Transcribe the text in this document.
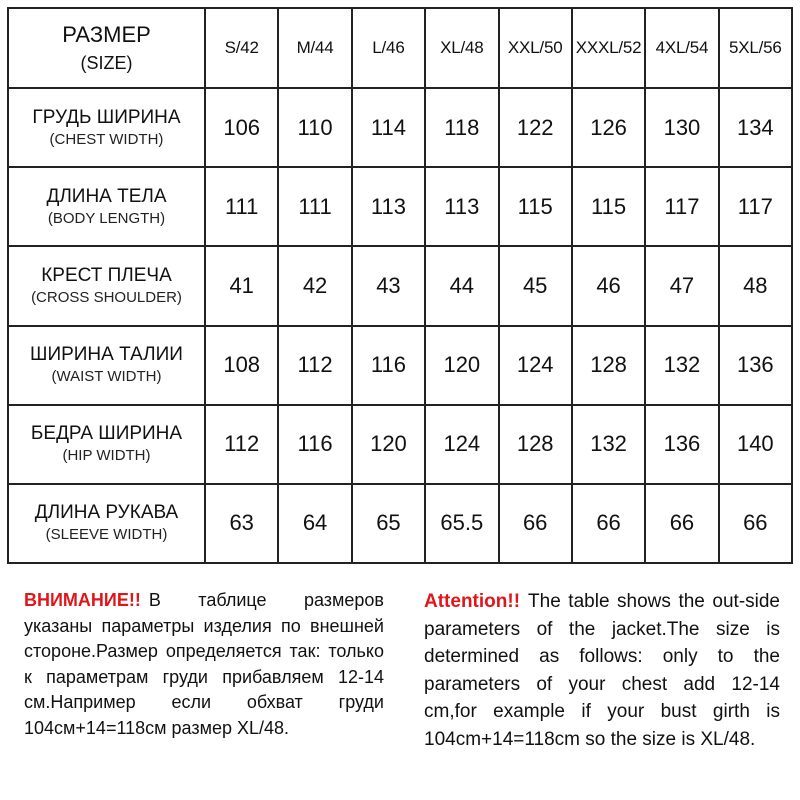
РАЗМЕР
(SIZE)	S/42	M/44	L/46	XL/48	XXL/50	XXXL/52	4XL/54	5XL/56

ГРУДЬ ШИРИНА
(CHEST WIDTH)	106	110	114	118	122	126	130	134

ДЛИНА ТЕЛА
(BODY LENGTH)	111	111	113	113	115	115	117	117

КРЕСТ ПЛЕЧА
(CROSS SHOULDER)	41	42	43	44	45	46	47	48

ШИРИНА ТАЛИИ
(WAIST WIDTH)	108	112	116	120	124	128	132	136

БЕДРА ШИРИНА
(HIP WIDTH)	112	116	120	124	128	132	136	140

ДЛИНА РУКАВА
(SLEEVE WIDTH)	63	64	65	65.5	66	66	66	66
ВНИМАНИЕ!! В таблице размеров указаны параметры изделия по внешней стороне.Размер определяется так: только к параметрам груди прибавляем 12-14 см.Например если обхват груди 104см+14=118см размер XL/48.
Attention!! The table shows the out-side parameters of the jacket.The size is determined as follows: only to the parameters of your chest add 12-14 cm,for example if your bust girth is 104cm+14=118cm so the size is XL/48.
